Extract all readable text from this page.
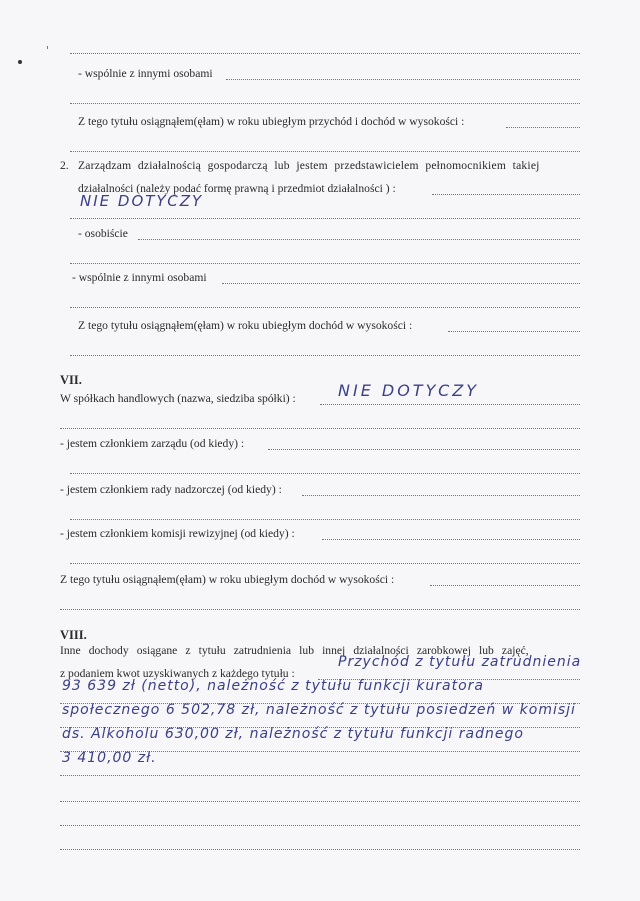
- wspólnie z innymi osobami
Z tego tytułu osiągnąłem(ęłam) w roku ubiegłym przychód i dochód w wysokości :
2. Zarządzam działalnością gospodarczą lub jestem przedstawicielem pełnomocnikiem takiej
działalności (należy podać formę prawną i przedmiot działalności ) :
NIE DOTYCZY
- osobiście
- wspólnie z innymi osobami
Z tego tytułu osiągnąłem(ęłam) w roku ubiegłym dochód w wysokości :
VII.
W spółkach handlowych (nazwa, siedziba spółki) :	NIE DOTYCZY
- jestem członkiem zarządu (od kiedy) :
- jestem członkiem rady nadzorczej (od kiedy) :
- jestem członkiem komisji rewizyjnej (od kiedy) :
Z tego tytułu osiągnąłem(ęłam) w roku ubiegłym dochód w wysokości :
VIII.
Inne dochody osiągane z tytułu zatrudnienia lub innej działalności zarobkowej lub zajęć,
z podaniem kwot uzyskiwanych z każdego tytułu :
Przychód z tytułu zatrudnienia
93 639 zł (netto), należność z tytułu funkcji kuratora
społecznego 6 502,78 zł, należność z tytułu posiedzeń w komisji
ds. Alkoholu 630,00 zł, należność z tytułu funkcji radnego
3 410,00 zł.
